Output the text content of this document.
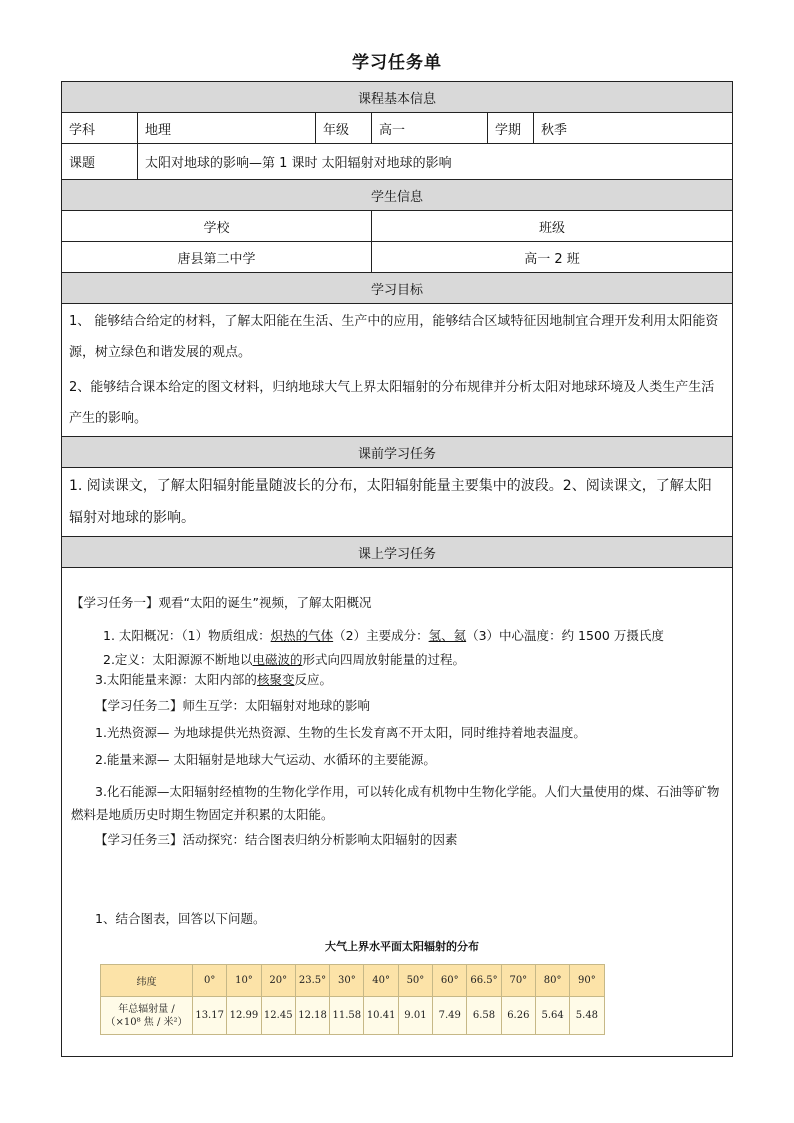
学习任务单
课程基本信息
学科	地理	年级	高一	学期	秋季
课题	太阳对地球的影响—第 1 课时 太阳辐射对地球的影响
学生信息
学校	班级
唐县第二中学	高一 2 班
学习目标

1、 能够结合给定的材料，了解太阳能在生活、生产中的应用，能够结合区域特征因地制宜合理开发利用太阳能资源，树立绿色和谐发展的观点。
2、能够结合课本给定的图文材料，归纳地球大气上界太阳辐射的分布规律并分析太阳对地球环境及人类生产生活产生的影响。

课前学习任务

1. 阅读课文，了解太阳辐射能量随波长的分布，太阳辐射能量主要集中的波段。2、阅读课文，了解太阳辐射对地球的影响。

课上学习任务

【学习任务一】观看“太阳的诞生”视频，了解太阳概况
1. 太阳概况：（1）物质组成：炽热的气体（2）主要成分：氢、氦（3）中心温度：约 1500 万摄氏度
2.定义：太阳源源不断地以电磁波的形式向四周放射能量的过程。
3.太阳能量来源：太阳内部的核聚变反应。
【学习任务二】师生互学：太阳辐射对地球的影响
1.光热资源— 为地球提供光热资源、生物的生长发育离不开太阳，同时维持着地表温度。
2.能量来源— 太阳辐射是地球大气运动、水循环的主要能源。
3.化石能源—太阳辐射经植物的生物化学作用，可以转化成有机物中生物化学能。人们大量使用的煤、石油等矿物燃料是地质历史时期生物固定并积累的太阳能。
【学习任务三】活动探究：结合图表归纳分析影响太阳辐射的因素
1、结合图表，回答以下问题。
大气上界水平面太阳辐射的分布
纬度	0°	10°	20°	23.5°	30°	40°	50°	60°	66.5°	70°	80°	90°
年总辐射量 /（×10⁸ 焦 / 米²）	13.17	12.99	12.45	12.18	11.58	10.41	9.01	7.49	6.58	6.26	5.64	5.48
